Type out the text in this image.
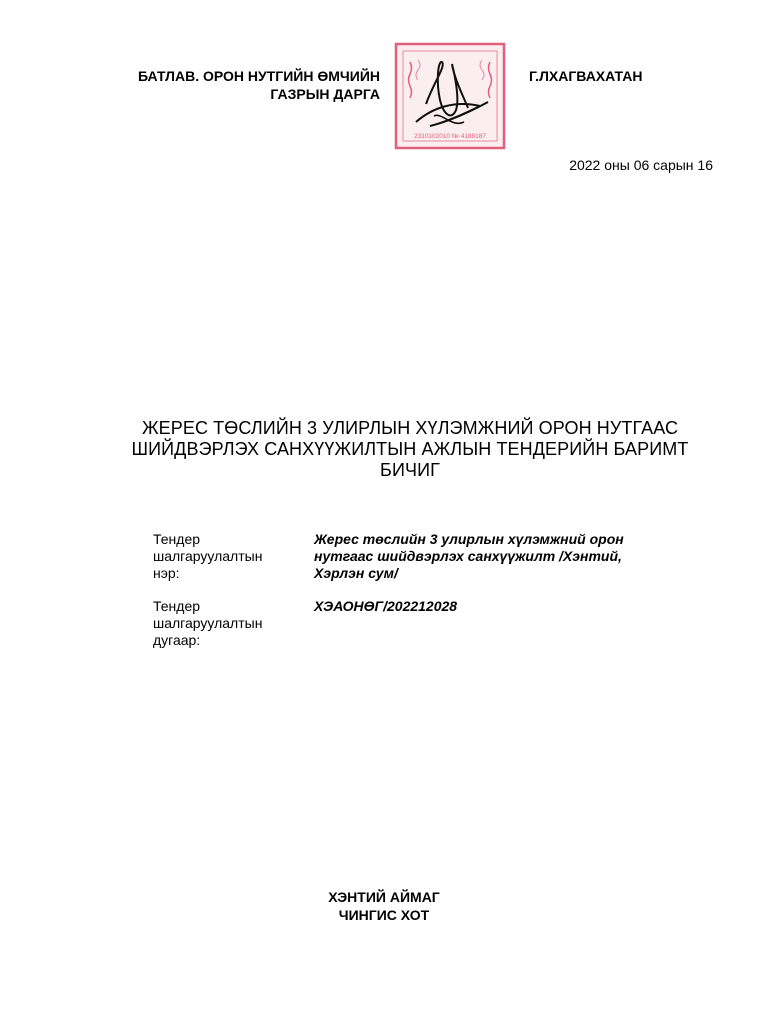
БАТЛАВ. ОРОН НУТГИЙН ӨМЧИЙН
ГАЗРЫН ДАРГА
2310102010 № 4188187
Г.ЛХАГВАХАТАН
2022 оны 06 сарын 16
ЖЕРЕС ТӨСЛИЙН 3 УЛИРЛЫН ХҮЛЭМЖНИЙ ОРОН НУТГААС
ШИЙДВЭРЛЭХ САНХҮҮЖИЛТЫН АЖЛЫН ТЕНДЕРИЙН БАРИМТ
БИЧИГ
Тендер
шалгаруулалтын
нэр:
Жерес төслийн 3 улирлын хүлэмжний орон
нутгаас шийдвэрлэх санхүүжилт /Хэнтий,
Хэрлэн сум/
Тендер
шалгаруулалтын
дугаар:
ХЭАОНӨГ/202212028
ХЭНТИЙ АЙМАГ
ЧИНГИС ХОТ
